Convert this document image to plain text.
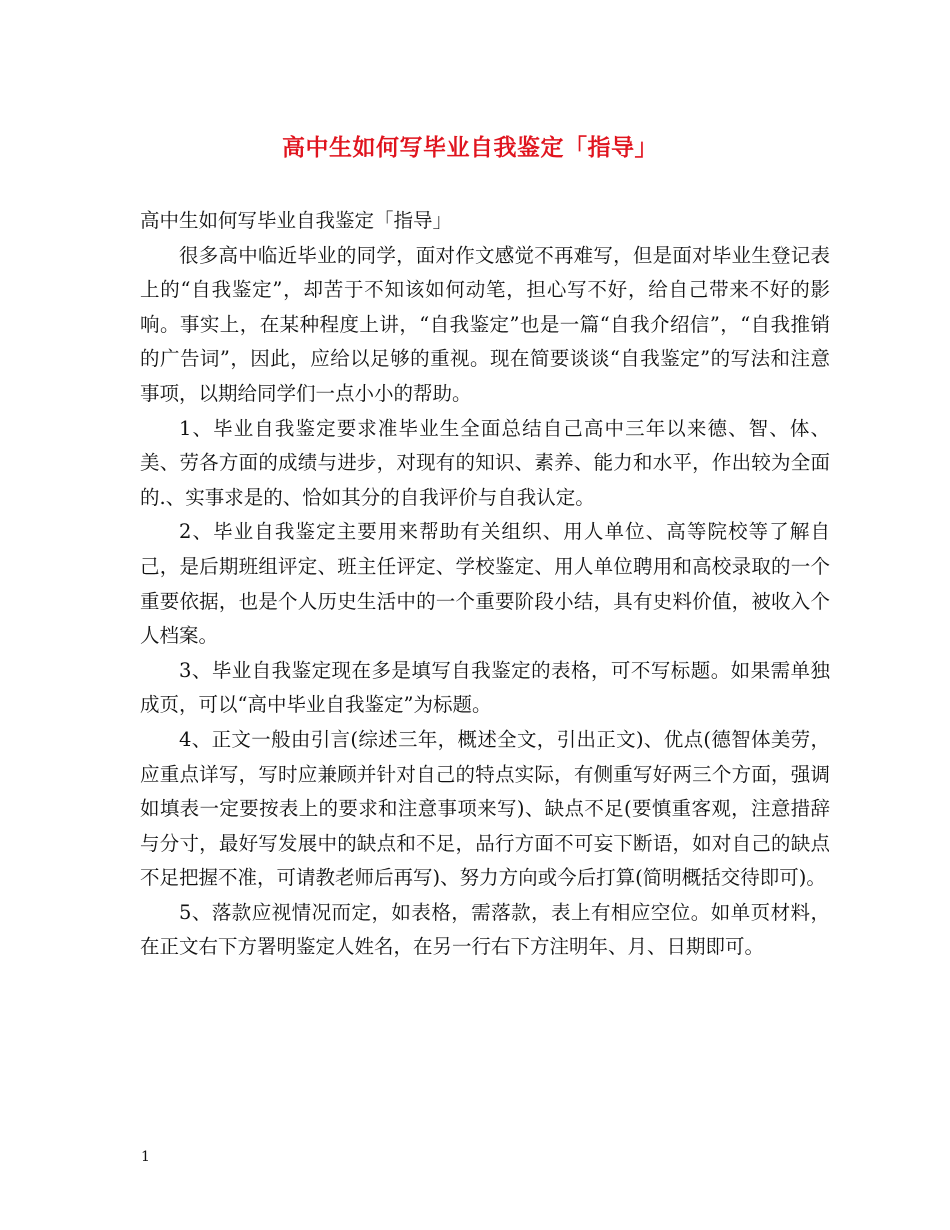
高中生如何写毕业自我鉴定「指导」

高中生如何写毕业自我鉴定「指导」

很多高中临近毕业的同学，面对作文感觉不再难写，但是面对毕业生登记表上的“自我鉴定”，却苦于不知该如何动笔，担心写不好，给自己带来不好的影响。事实上，在某种程度上讲，“自我鉴定”也是一篇“自我介绍信”，“自我推销的广告词”，因此，应给以足够的重视。现在简要谈谈“自我鉴定”的写法和注意事项，以期给同学们一点小小的帮助。

1、毕业自我鉴定要求准毕业生全面总结自己高中三年以来德、智、体、美、劳各方面的成绩与进步，对现有的知识、素养、能力和水平，作出较为全面的.、实事求是的、恰如其分的自我评价与自我认定。

2、毕业自我鉴定主要用来帮助有关组织、用人单位、高等院校等了解自己，是后期班组评定、班主任评定、学校鉴定、用人单位聘用和高校录取的一个重要依据，也是个人历史生活中的一个重要阶段小结，具有史料价值，被收入个人档案。

3、毕业自我鉴定现在多是填写自我鉴定的表格，可不写标题。如果需单独成页，可以“高中毕业自我鉴定”为标题。

4、正文一般由引言(综述三年，概述全文，引出正文)、优点(德智体美劳，应重点详写，写时应兼顾并针对自己的特点实际，有侧重写好两三个方面，强调如填表一定要按表上的要求和注意事项来写)、缺点不足(要慎重客观，注意措辞与分寸，最好写发展中的缺点和不足，品行方面不可妄下断语，如对自己的缺点不足把握不准，可请教老师后再写)、努力方向或今后打算(简明概括交待即可)。

5、落款应视情况而定，如表格，需落款，表上有相应空位。如单页材料，在正文右下方署明鉴定人姓名，在另一行右下方注明年、月、日期即可。

1
